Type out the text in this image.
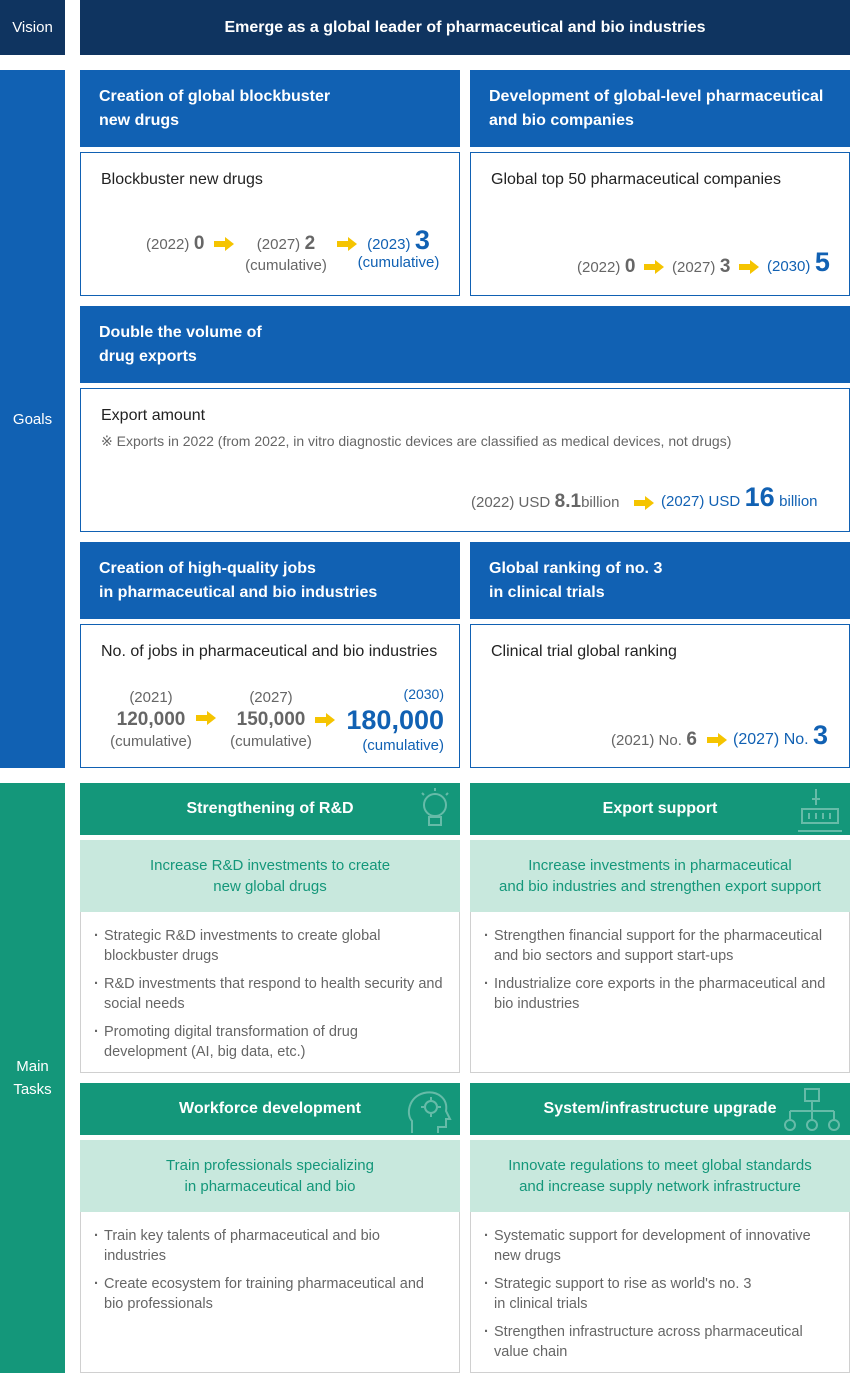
Vision
Goals
Main
Tasks
Emerge as a global leader of pharmaceutical and bio industries
Creation of global blockbuster
new drugs
Blockbuster new drugs
(2022) 0	(2027) 2
(cumulative)
(2023) 3
(cumulative)
Development of global-level pharmaceutical
and bio companies
Global top 50 pharmaceutical companies
(2022) 0 (2027) 3 (2030) 5
Double the volume of
drug exports
Export amount
※ Exports in 2022 (from 2022, in vitro diagnostic devices are classified as medical devices, not drugs)
(2022) USD 8.1billion	(2027) USD 16 billion
Creation of high-quality jobs
in pharmaceutical and bio industries
No. of jobs in pharmaceutical and bio industries
(2021)
120,000
(cumulative)
(2027)
150,000
(cumulative)
(2030)
180,000
(cumulative)
Global ranking of no. 3
in clinical trials
Clinical trial global ranking
(2021) No. 6 (2027) No. 3
Strengthening of R&D
Increase R&D investments to create
new global drugs
· Strategic R&D investments to create global
blockbuster drugs
· R&D investments that respond to health security and
social needs
· Promoting digital transformation of drug
development (AI, big data, etc.)
Export support
Increase investments in pharmaceutical
and bio industries and strengthen export support
· Strengthen financial support for the pharmaceutical
and bio sectors and support start-ups
· Industrialize core exports in the pharmaceutical and
bio industries
Workforce development
Train professionals specializing
in pharmaceutical and bio
· Train key talents of pharmaceutical and bio industries
· Create ecosystem for training pharmaceutical and
bio professionals
System/infrastructure upgrade
Innovate regulations to meet global standards
and increase supply network infrastructure
· Systematic support for development of innovative
new drugs
· Strategic support to rise as world's no. 3
in clinical trials
· Strengthen infrastructure across pharmaceutical
value chain
